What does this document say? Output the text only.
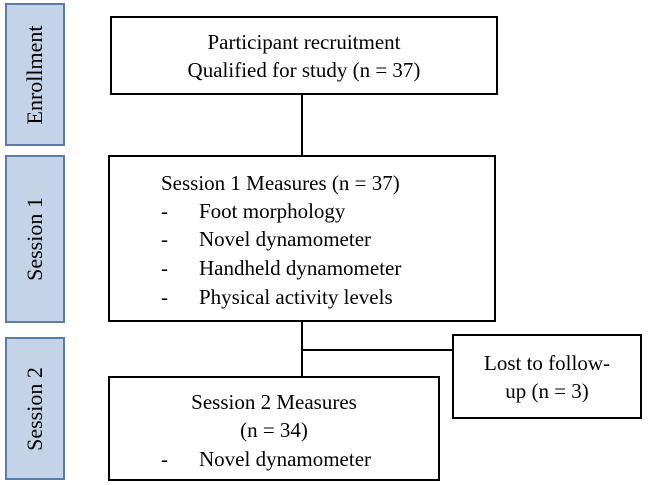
Enrollment
Session 1
Session 2
Participant recruitment
Qualified for study (n = 37)
Session 1 Measures (n = 37)
- Foot morphology
- Novel dynamometer
- Handheld dynamometer
- Physical activity levels
Lost to follow-
up (n = 3)
Session 2 Measures
(n = 34)
- Novel dynamometer
